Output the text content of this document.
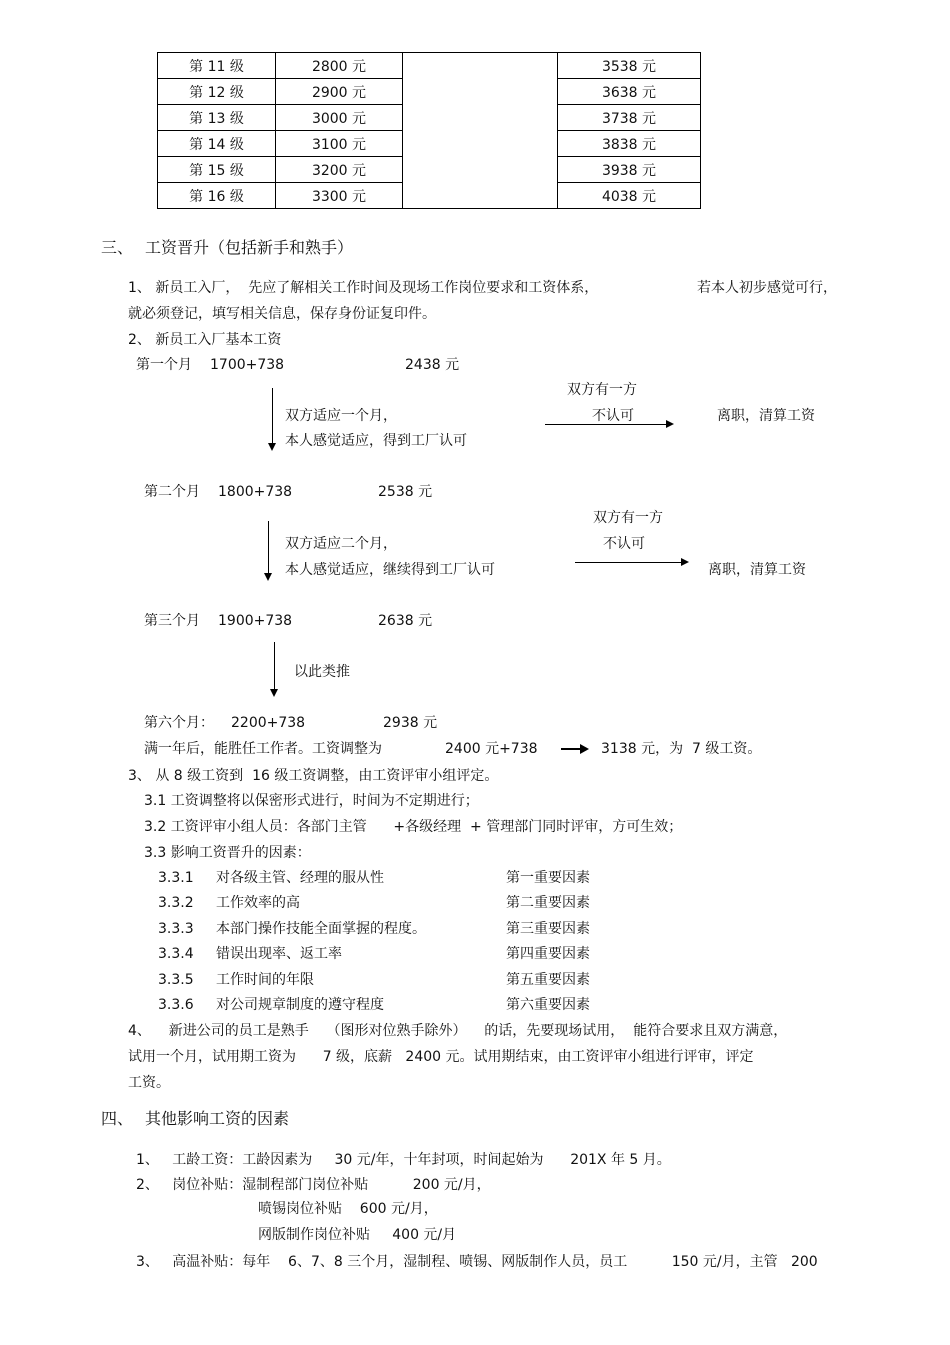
第 11 级	2800 元		3538 元
第 12 级	2900 元		3638 元
第 13 级	3000 元		3738 元
第 14 级	3100 元		3838 元
第 15 级	3200 元		3938 元
第 16 级	3300 元		4038 元
三、 工资晋升（包括新手和熟手）
1、 新员工入厂，  先应了解相关工作时间及现场工作岗位要求和工资体系，	若本人初步感觉可行，
就必须登记，填写相关信息，保存身份证复印件。
2、 新员工入厂基本工资
第一个月 1700+738	2438 元
双方适应一个月，
本人感觉适应，得到工厂认可
双方有一方
不认可	离职，清算工资
第二个月 1800+738	2538 元
双方适应二个月，
本人感觉适应，继续得到工厂认可
双方有一方
不认可
离职，清算工资
第三个月 1900+738	2638 元
以此类推
第六个月： 2200+738	2938 元
满一年后，能胜任工作者。工资调整为	2400 元+738	3138 元，为  7 级工资。
3、 从 8 级工资到  16 级工资调整，由工资评审小组评定。
3.1 工资调整将以保密形式进行，时间为不定期进行；
3.2 工资评审小组人员：各部门主管      +各级经理  + 管理部门同时评审，方可生效；
3.3 影响工资晋升的因素：
3.3.1 对各级主管、经理的服从性	第一重要因素
3.3.2 工作效率的高	第二重要因素
3.3.3 本部门操作技能全面掌握的程度。	第三重要因素
3.3.4 错误出现率、返工率	第四重要因素
3.3.5 工作时间的年限	第五重要因素
3.3.6 对公司规章制度的遵守程度	第六重要因素
4、    新进公司的员工是熟手    （图形对位熟手除外）    的话，先要现场试用，  能符合要求且双方满意，
试用一个月，试用期工资为      7 级，底薪   2400 元。试用期结束，由工资评审小组进行评审，评定
工资。
四、 其他影响工资的因素
1、   工龄工资：工龄因素为     30 元/年，十年封项，时间起始为      201X 年 5 月。
2、   岗位补贴：湿制程部门岗位补贴          200 元/月，
喷锡岗位补贴    600 元/月，
网版制作岗位补贴     400 元/月
3、   高温补贴：每年    6、7、8 三个月，湿制程、喷锡、网版制作人员，员工          150 元/月，主管   200
